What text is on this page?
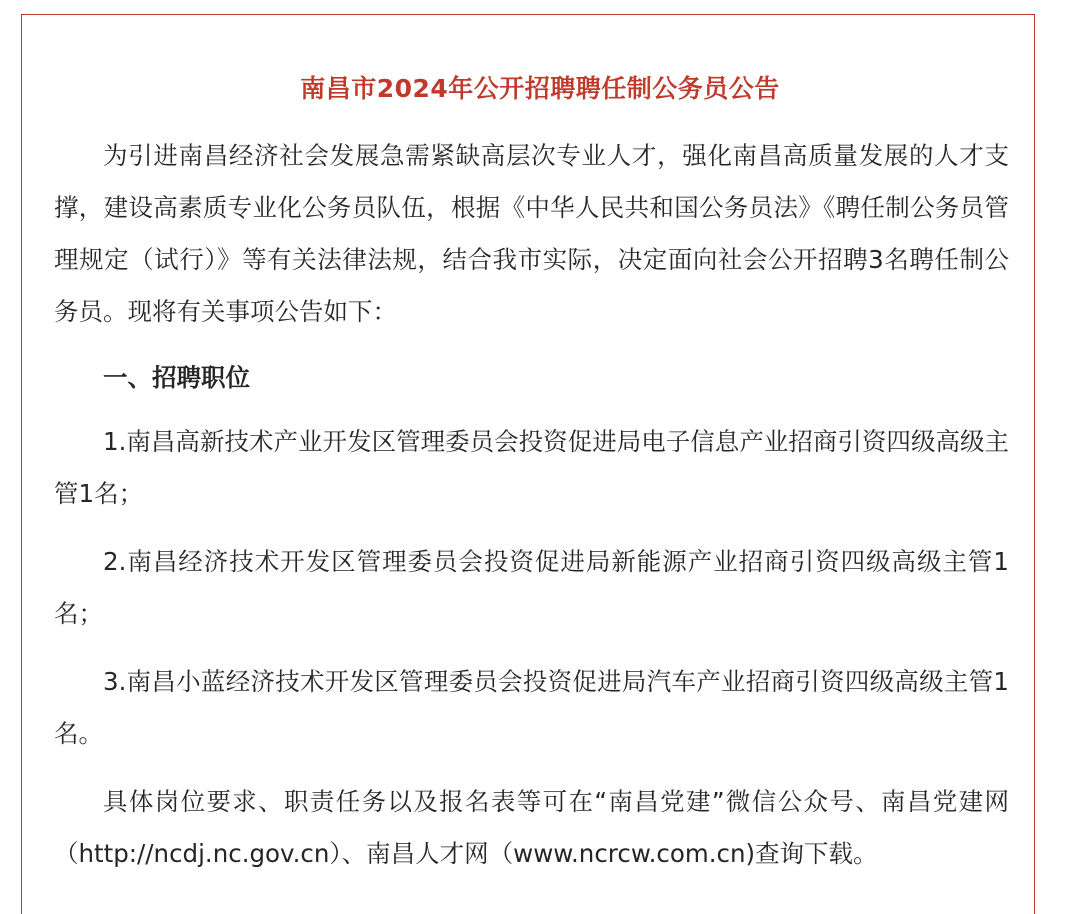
南昌市2024年公开招聘聘任制公务员公告

为引进南昌经济社会发展急需紧缺高层次专业人才，强化南昌高质量发展的人才支撑，建设高素质专业化公务员队伍，根据《中华人民共和国公务员法》《聘任制公务员管理规定（试行）》等有关法律法规，结合我市实际，决定面向社会公开招聘3名聘任制公务员。现将有关事项公告如下：

一、招聘职位

1.南昌高新技术产业开发区管理委员会投资促进局电子信息产业招商引资四级高级主管1名；

2.南昌经济技术开发区管理委员会投资促进局新能源产业招商引资四级高级主管1名；

3.南昌小蓝经济技术开发区管理委员会投资促进局汽车产业招商引资四级高级主管1名。

具体岗位要求、职责任务以及报名表等可在“南昌党建”微信公众号、南昌党建网（http://ncdj.nc.gov.cn）、南昌人才网（www.ncrcw.com.cn)查询下载。
